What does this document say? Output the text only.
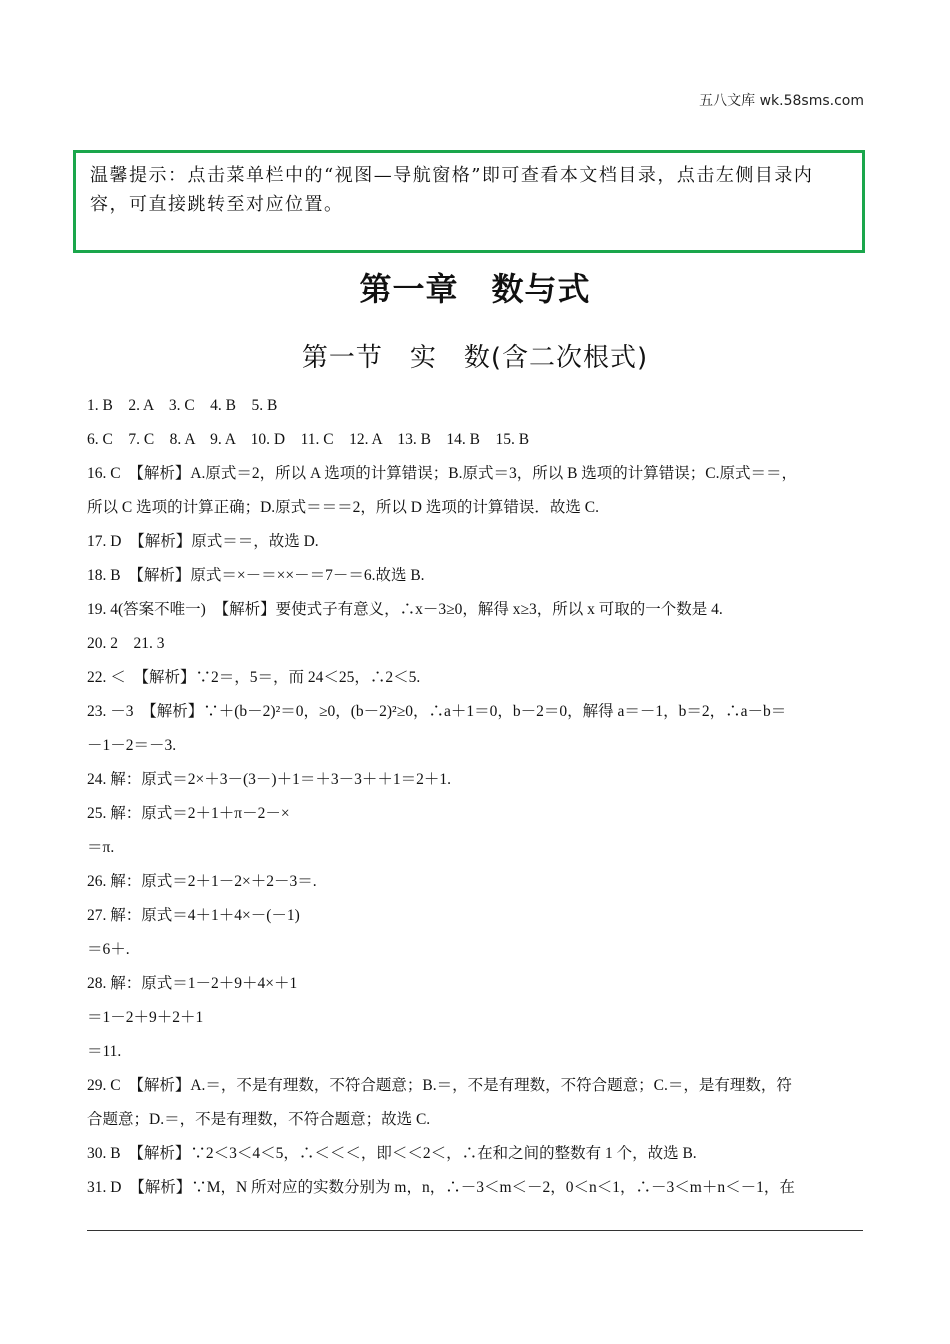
五八文库 wk.58sms.com
温馨提示：点击菜单栏中的“视图—导航窗格”即可查看本文档目录，点击左侧目录内容，可直接跳转至对应位置。
第一章　数与式
第一节　实　数(含二次根式)
1. B　2. A　3. C　4. B　5. B
6. C　7. C　8. A　9. A　10. D　11. C　12. A　13. B　14. B　15. B
16. C　【解析】A.原式＝2，所以 A 选项的计算错误；B.原式＝3，所以 B 选项的计算错误；C.原式＝＝，
所以 C 选项的计算正确；D.原式＝＝＝2，所以 D 选项的计算错误．故选 C.
17. D　【解析】原式＝＝，故选 D.
18. B　【解析】原式＝×－＝××－＝7－＝6.故选 B.
19. 4(答案不唯一)　【解析】要使式子有意义，∴x－3≥0，解得 x≥3，所以 x 可取的一个数是 4.
20. 2　21. 3
22. ＜　【解析】∵2＝，5＝，而 24＜25，∴2＜5.
23. －3　【解析】∵＋(b－2)²＝0，≥0，(b－2)²≥0，∴a＋1＝0，b－2＝0，解得 a＝－1，b＝2，∴a－b＝
－1－2＝－3.
24. 解：原式＝2×＋3－(3－)＋1＝＋3－3＋＋1＝2＋1.
25. 解：原式＝2＋1＋π－2－×
＝π.
26. 解：原式＝2＋1－2×＋2－3＝.
27. 解：原式＝4＋1＋4×－(－1)
＝6＋.
28. 解：原式＝1－2＋9＋4×＋1
＝1－2＋9＋2＋1
＝11.
29. C　【解析】A.＝，不是有理数，不符合题意；B.＝，不是有理数，不符合题意；C.＝，是有理数，符
合题意；D.＝，不是有理数，不符合题意；故选 C.
30. B　【解析】∵2＜3＜4＜5，∴＜＜＜，即＜＜2＜，∴在和之间的整数有 1 个，故选 B.
31. D　【解析】∵M，N 所对应的实数分别为 m，n，∴－3＜m＜－2，0＜n＜1，∴－3＜m＋n＜－1，在
